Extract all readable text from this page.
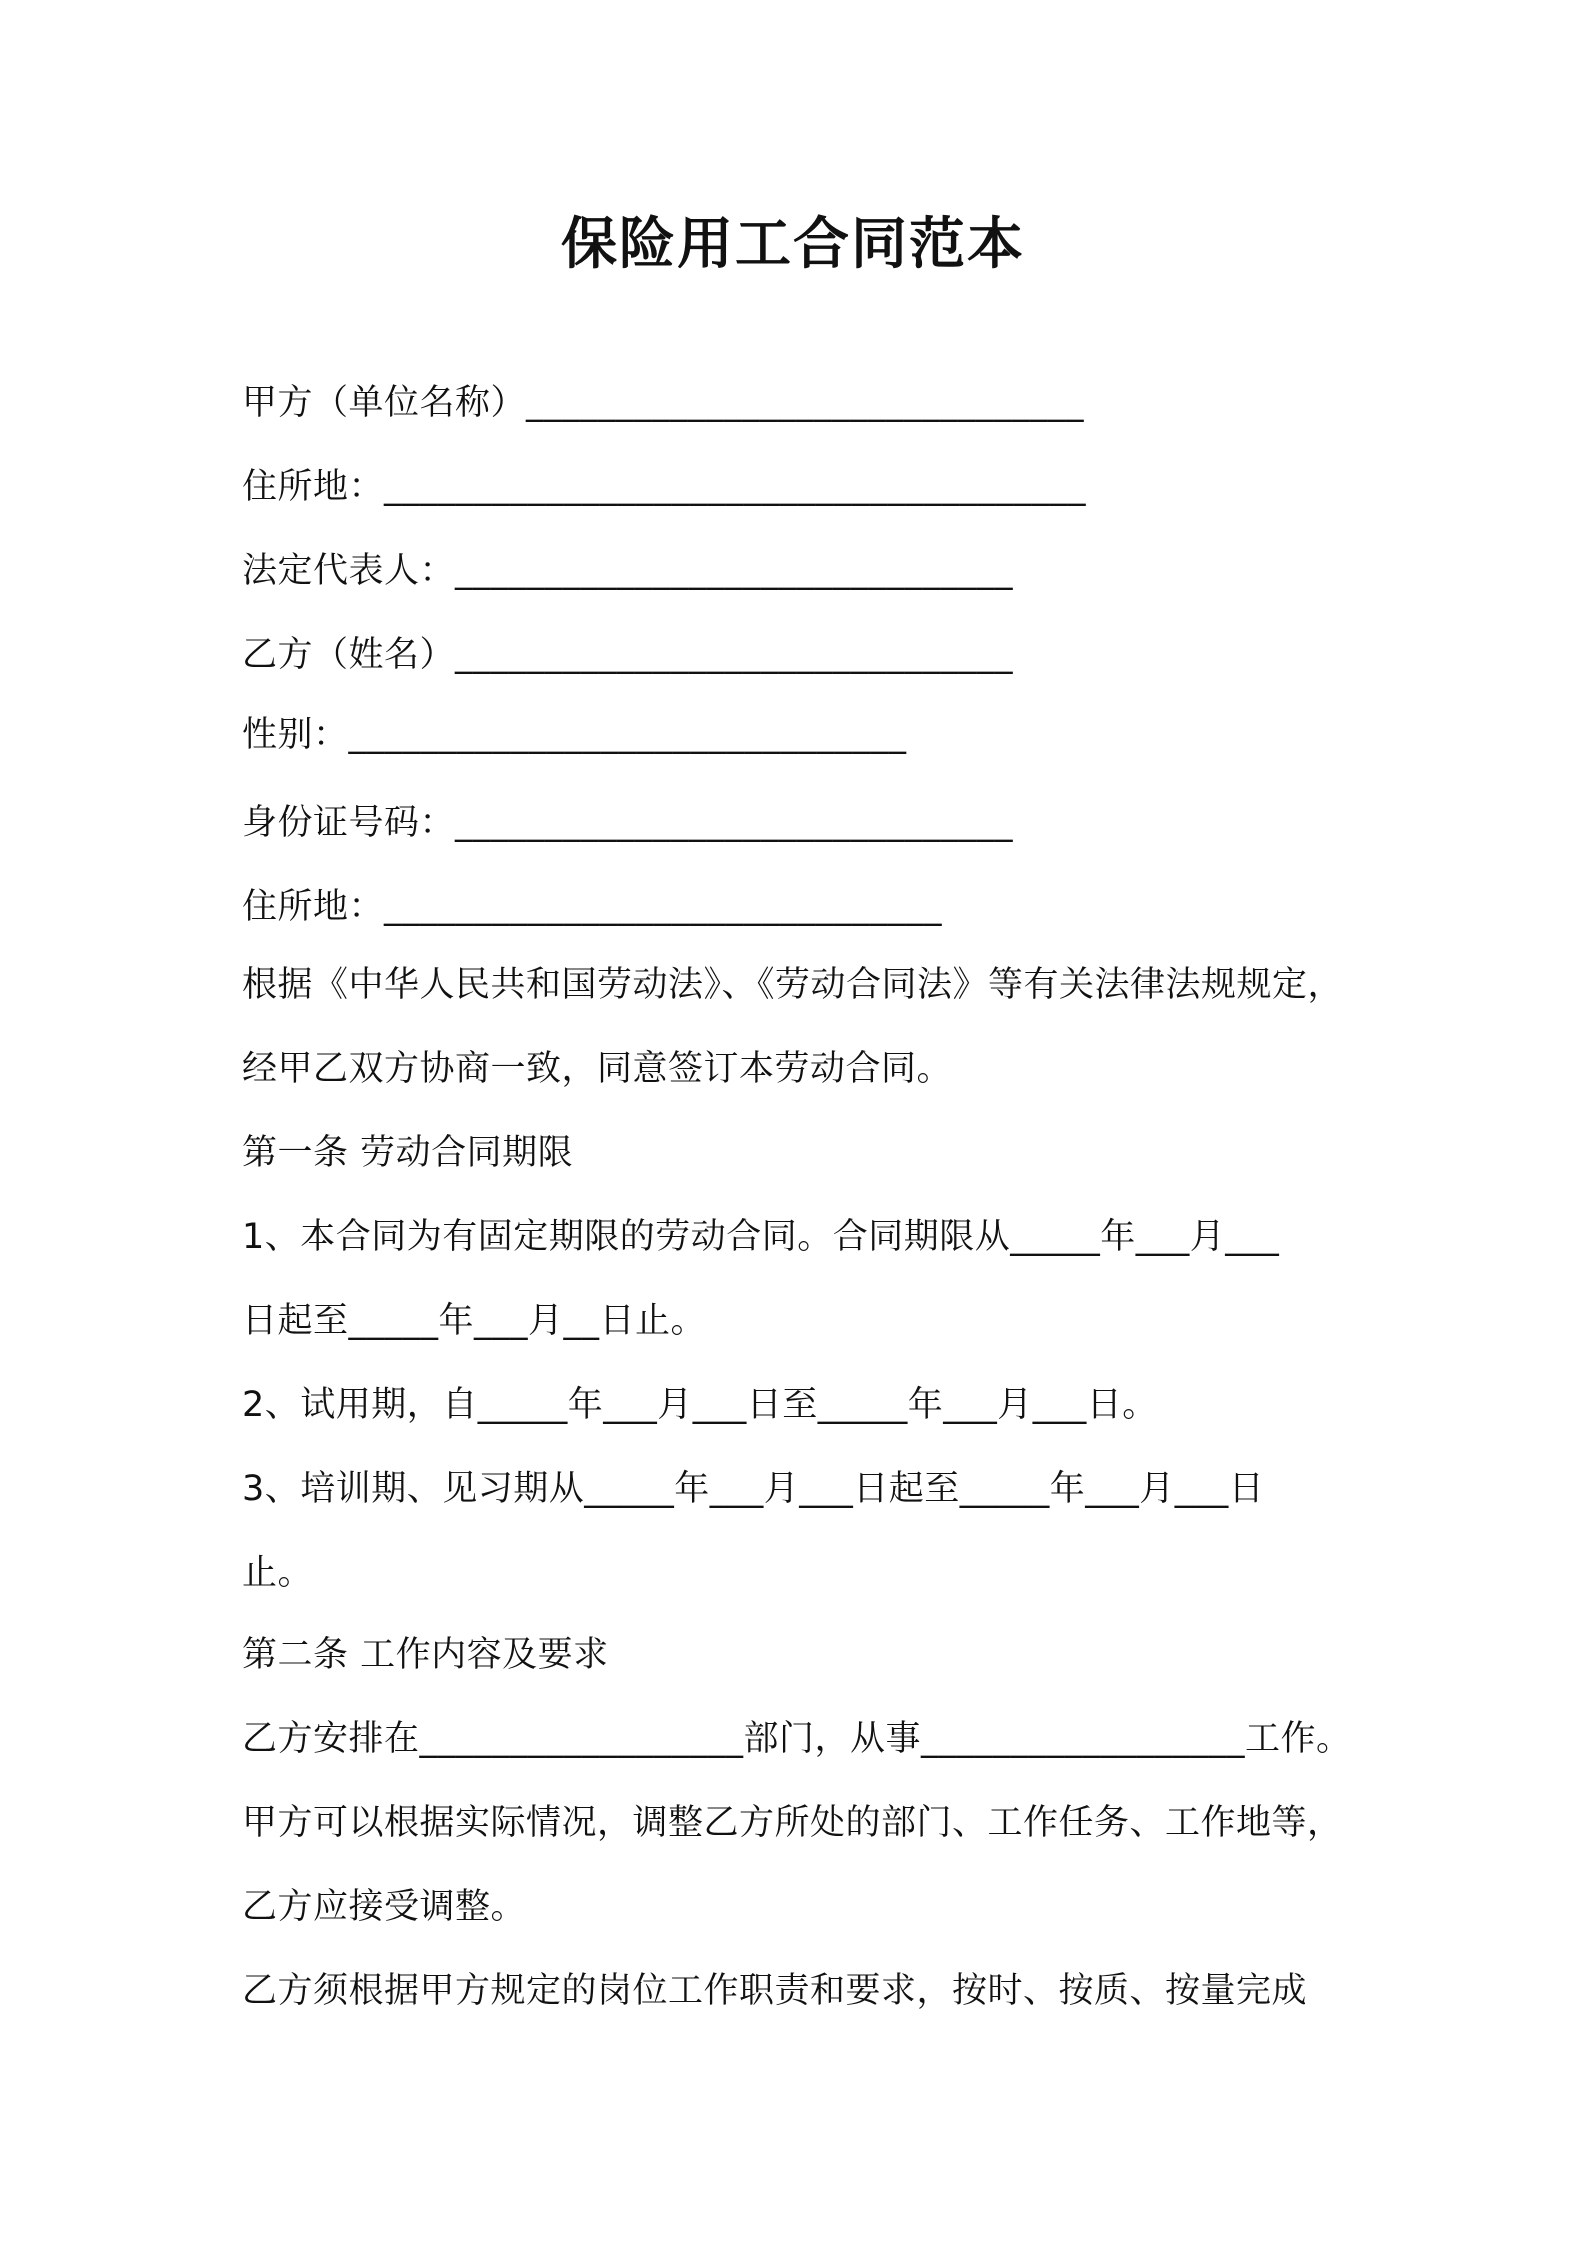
保险用工合同范本
甲方（单位名称）_______________________________
住所地：_______________________________________
法定代表人：_______________________________
乙方（姓名）_______________________________
性别：_______________________________
身份证号码：_______________________________
住所地：_______________________________
根据《中华人民共和国劳动法》、《劳动合同法》等有关法律法规规定，
经甲乙双方协商一致，同意签订本劳动合同。
第一条 劳动合同期限
1、本合同为有固定期限的劳动合同。合同期限从_____年___月___
日起至_____年___月__日止。
2、试用期，自_____年___月___日至_____年___月___日。
3、培训期、见习期从_____年___月___日起至_____年___月___日
止。
第二条 工作内容及要求
乙方安排在__________________部门，从事__________________工作。
甲方可以根据实际情况，调整乙方所处的部门、工作任务、工作地等，
乙方应接受调整。
乙方须根据甲方规定的岗位工作职责和要求，按时、按质、按量完成
